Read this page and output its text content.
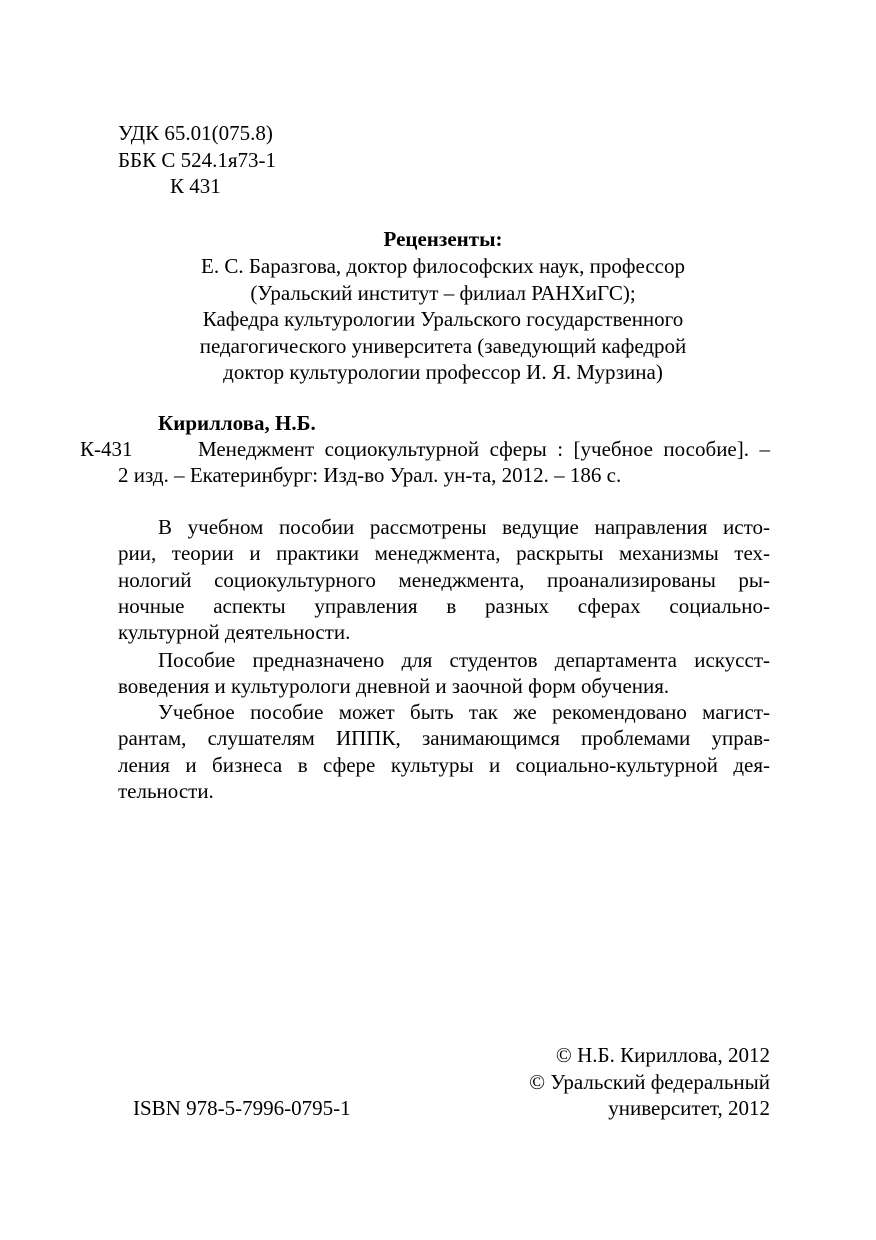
УДК 65.01(075.8)
ББК С 524.1я73-1
К 431
Рецензенты:
Е. С. Баразгова, доктор философских наук, профессор
(Уральский институт – филиал РАНХиГС);
Кафедра культурологии Уральского государственного
педагогического университета (заведующий кафедрой
доктор культурологии профессор И. Я. Мурзина)
Кириллова, Н.Б.
К-431	Менеджмент  социокультурной  сферы  :  [учебное  пособие].  –
2 изд. – Екатеринбург: Изд-во Урал. ун-та, 2012. – 186 с.
В учебном пособии рассмотрены ведущие направления исто-
рии, теории и практики менеджмента, раскрыты механизмы тех-
нологий социокультурного менеджмента, проанализированы ры-
ночные аспекты управления в разных сферах социально-
культурной деятельности.
Пособие предназначено для студентов департамента искусст-
воведения и культурологи дневной и заочной форм обучения.
Учебное пособие может быть так же рекомендовано магист-
рантам, слушателям ИППК, занимающимся проблемами управ-
ления и бизнеса в сфере культуры и социально-культурной дея-
тельности.
ISBN 978-5-7996-0795-1
© Н.Б. Кириллова, 2012
© Уральский федеральный
университет, 2012
